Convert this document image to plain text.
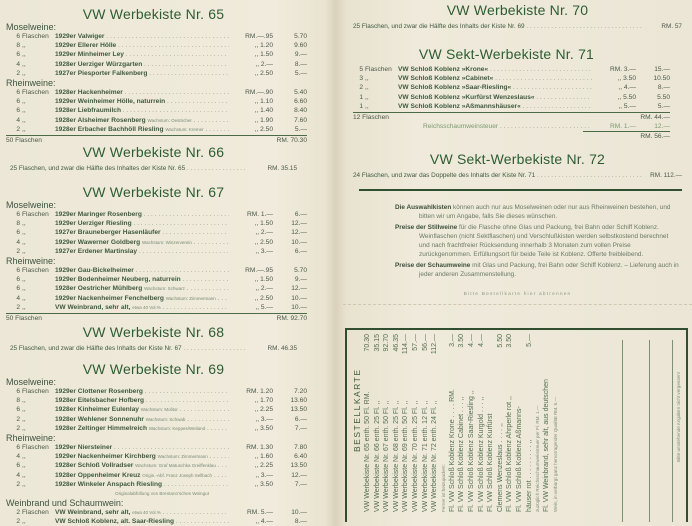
VW Werbekiste Nr. 65
Moselweine:
6 Flaschen 1929er Valwiger . . .	RM.—.95	5.70
8 ,,	1929er Ellerer Hölle . . .	,, 1.20	9.60
6 ,,	1929er Minheimer Ley . . .	,, 1.50	9.—
4 ,,	1928er Uerziger Würzgarten . . .	,, 2.—	8.—
2 ,,	1927er Piesporter Falkenberg . . .	,, 2.50	5.—
Rheinweine:
6 Flaschen 1928er Hackenheimer . . .	RM.—.90	5.40
6 ,,	1929er Weinheimer Hölle, naturrein . . .	,, 1.10	6.60
6 ,,	1928er Liebfraumilch . . .	,, 1.40	8.40
4 ,,	1928er Alsheimer Rosenberg Wachstum: Oestricher . . .	,, 1.90	7.60
2 ,,	1928er Erbacher Bachhöll Riesling Wachstum: Kremer . . .	,, 2.50	5.—
50 Flaschen	RM. 70.30
VW Werbekiste Nr. 66
25 Flaschen, und zwar die Hälfte des Inhaltes der Kiste Nr. 65 . . .	RM. 35.15
VW Werbekiste Nr. 67
Moselweine:
6 Flaschen 1929er Maringer Rosenberg . . .	RM. 1.—	6.—
8 ,,	1929er Uerziger Riesling . . .	,, 1.50	12.—
6 ,,	1927er Brauneberger Hasenläufer . . .	,, 2.—	12.—
4 ,,	1929er Wawerner Goldberg Wachstum: Winzerverein . . .	,, 2.50	10.—
2 ,,	1927er Erdener Martinslay . . .	,, 3.—	6.—
Rheinweine:
6 Flaschen 1929er Gau-Bickelheimer . . .	RM.—.95	5.70
6 ,,	1929er Bodenheimer Neuberg, naturrein . . .	,, 1.50	9.—
6 ,,	1928er Oestricher Mühlberg Wachstum: Schwarz . . .	,, 2.—	12.—
4 ,,	1929er Nackenheimer Fenchelberg Wachstum: Zimmermann . . .	,, 2.50	10.—
2 ,,	VW Weinbrand, sehr alt, etwa 40 Vol.% . . .	,, 5.—	10.—
50 Flaschen	RM. 92.70
VW Werbekiste Nr. 68
25 Flaschen, und zwar die Hälfte des Inhalts der Kiste Nr. 67 . . .	RM. 46.35
VW Werbekiste Nr. 69
Moselweine:
6 Flaschen 1929er Clottener Rosenberg . . .	RM. 1.20	7.20
8 ,,	1928er Eitelsbacher Hofberg . . .	,, 1.70	13.60
6 ,,	1928er Kinheimer Eulenlay Wachstum: Molitor . . .	,, 2.25	13.50
2 ,,	1928er Wehlener Sonnenuhr Wachstum: Schwab . . .	,, 3.—	6.—
2 ,,	1928er Zeltinger Himmelreich Wachstum: Keppes/Weiland . . .	,, 3.50	7.—
Rheinweine:
6 Flaschen 1929er Niersteiner . . .	RM. 1.30	7.80
4 ,,	1929er Nackenheimer Kirchberg Wachstum: Zimmermann . . .	,, 1.60	6.40
6 ,,	1928er Schloß Vollradser Wachstum: Graf Matuschka Greiffenklau . . .	,, 2.25	13.50
4 ,,	1928er Oppenheimer Kreuz Origin.-Abf. Franz Joseph Sellbach . . .	,, 3.—	12.—
2 ,,	1928er Winkeler Anspach Riesling . . .	,, 3.50	7.—
Originalabfüllung von Brentano'sches Weingut
Weinbrand und Schaumwein:
2 Flaschen VW Weinbrand, sehr alt, etwa 40 Vol.% . . .	RM. 5.—	10.—
2 ,,	VW Schloß Koblenz, alt. Saar-Riesling . . .	,, 4.—	8.—
VW Werbekiste Nr. 70
25 Flaschen, und zwar die Hälfte des Inhalts der Kiste Nr. 69 . . .	RM. 57
VW Sekt-Werbekiste Nr. 71
5 Flaschen VW Schloß Koblenz »Krone« . . .	RM. 3.—	15.—
3 ,,	VW Schloß Koblenz »Cabinet« . . .	,, 3.50	10.50
2 ,,	VW Schloß Koblenz »Saar-Riesling« . . .	,, 4.—	8.—
1 ,,	VW Schloß Koblenz »Kurfürst Wenzeslaus« . . .	,, 5.50	5.50
1 ,,	VW Schloß Koblenz »Aßmannshäuser« . . .	,, 5.—	5.—
12 Flaschen	RM. 44.—
Reichsschaumweinsteuer . . .	RM. 1.—	12.—
RM. 56.—
VW Sekt-Werbekiste Nr. 72
24 Flaschen, und zwar das Doppelte des Inhalts der Kiste Nr. 71 . . .	RM. 112.—
Die Auswahlkisten können auch nur aus Moselweinen oder nur aus Rheinweinen bestehen, und bitten wir um Angabe, falls Sie dieses wünschen.
Preise der Stillweine für die Flasche ohne Glas und Packung, frei Bahn oder Schiff Koblenz. Weinflaschen (nicht Sektflaschen) und Verschlußkisten werden selbstkostend berechnet und nach frachtfreier Rücksendung innerhalb 3 Monaten zum vollen Preise zurückgenommen. Erfüllungsort für beide Teile ist Koblenz. Offerte freibleibend.
Preise der Schaumweine mit Glas und Packung, frei Bahn oder Schiff Koblenz. – Lieferung auch in jeder anderen Zusammenstellung.
Bitte Bestellkarte hier abtrennen
BESTELLKARTE VW Werbekiste Nr. 65 enth. 50 Fl. RM.
70.30
VW Werbekiste Nr. 66 enth. 25 Fl. ,,
35.15
VW Werbekiste Nr. 67 enth. 50 Fl. ,,
92.70
VW Werbekiste Nr. 68 enth. 25 Fl. ,,
46.35
VW Werbekiste Nr. 69 enth. 50 Fl. ,,
114.—
VW Werbekiste Nr. 70 enth. 25 Fl. ,,
57.—
VW Werbekiste Nr. 71 enth. 12 Fl. ,,
56.—
VW Werbekiste Nr. 72 enth. 24 Fl. ,,
112.—
Ferner ist beizupacken: Fl. VW Schloß Koblenz Krone . . . . RM.
3.—
Fl. VW Schloß Koblenz Cabinet . . . ,,
3.50
Fl. VW Schloß Koblenz Saar-Riesling ,,
4.—
Fl. VW Schloß Koblenz Kurgold . . . ,,
4.—
Fl. VW Schloß Koblenz Kurfürst Clemens Wenzeslaus . . . . ,,
5.50
Fl. VW Schloß Koblenz Ahrperle rot ,,
3.50
Fl. VW Schloß Koblenz Aßmanns- häuser rot . . . . . . . . . ,,
5.—
zuzüglich Reichsschaumweinsteuer per Fl. RM. 1.— Fl. VW Weinbrand, sehr alt, aus deutschen Wein, in verbürgt ganz hervorragender Qualität RM. 5.—	Bitte umstehende Angaben nicht vergessen!
